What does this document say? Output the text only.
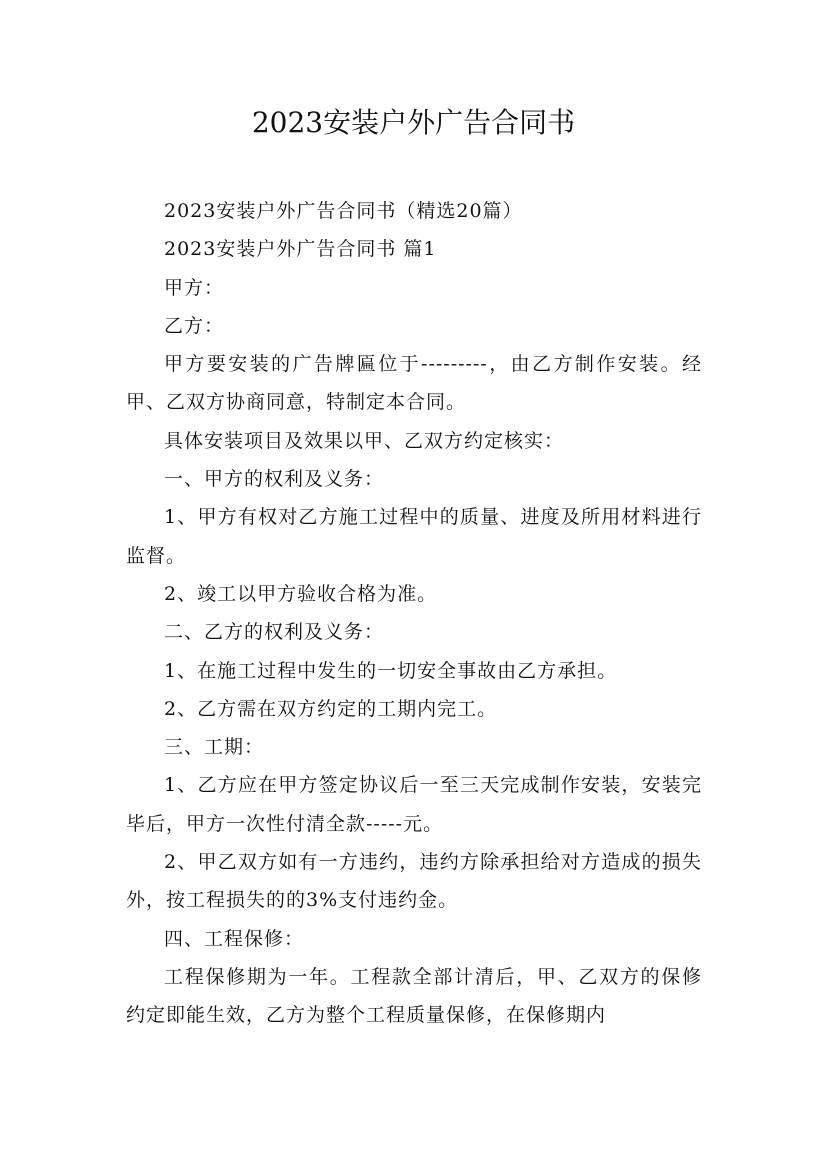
2023安装户外广告合同书

2023安装户外广告合同书（精选20篇）

2023安装户外广告合同书 篇1

甲方：

乙方：

甲方要安装的广告牌匾位于---------，由乙方制作安装。经甲、乙双方协商同意，特制定本合同。

具体安装项目及效果以甲、乙双方约定核实：

一、甲方的权利及义务：

1、甲方有权对乙方施工过程中的质量、进度及所用材料进行监督。

2、竣工以甲方验收合格为准。

二、乙方的权利及义务：

1、在施工过程中发生的一切安全事故由乙方承担。

2、乙方需在双方约定的工期内完工。

三、工期：

1、乙方应在甲方签定协议后一至三天完成制作安装，安装完毕后，甲方一次性付清全款-----元。

2、甲乙双方如有一方违约，违约方除承担给对方造成的损失外，按工程损失的的3%支付违约金。

四、工程保修：

工程保修期为一年。工程款全部计清后，甲、乙双方的保修约定即能生效，乙方为整个工程质量保修，在保修期内
